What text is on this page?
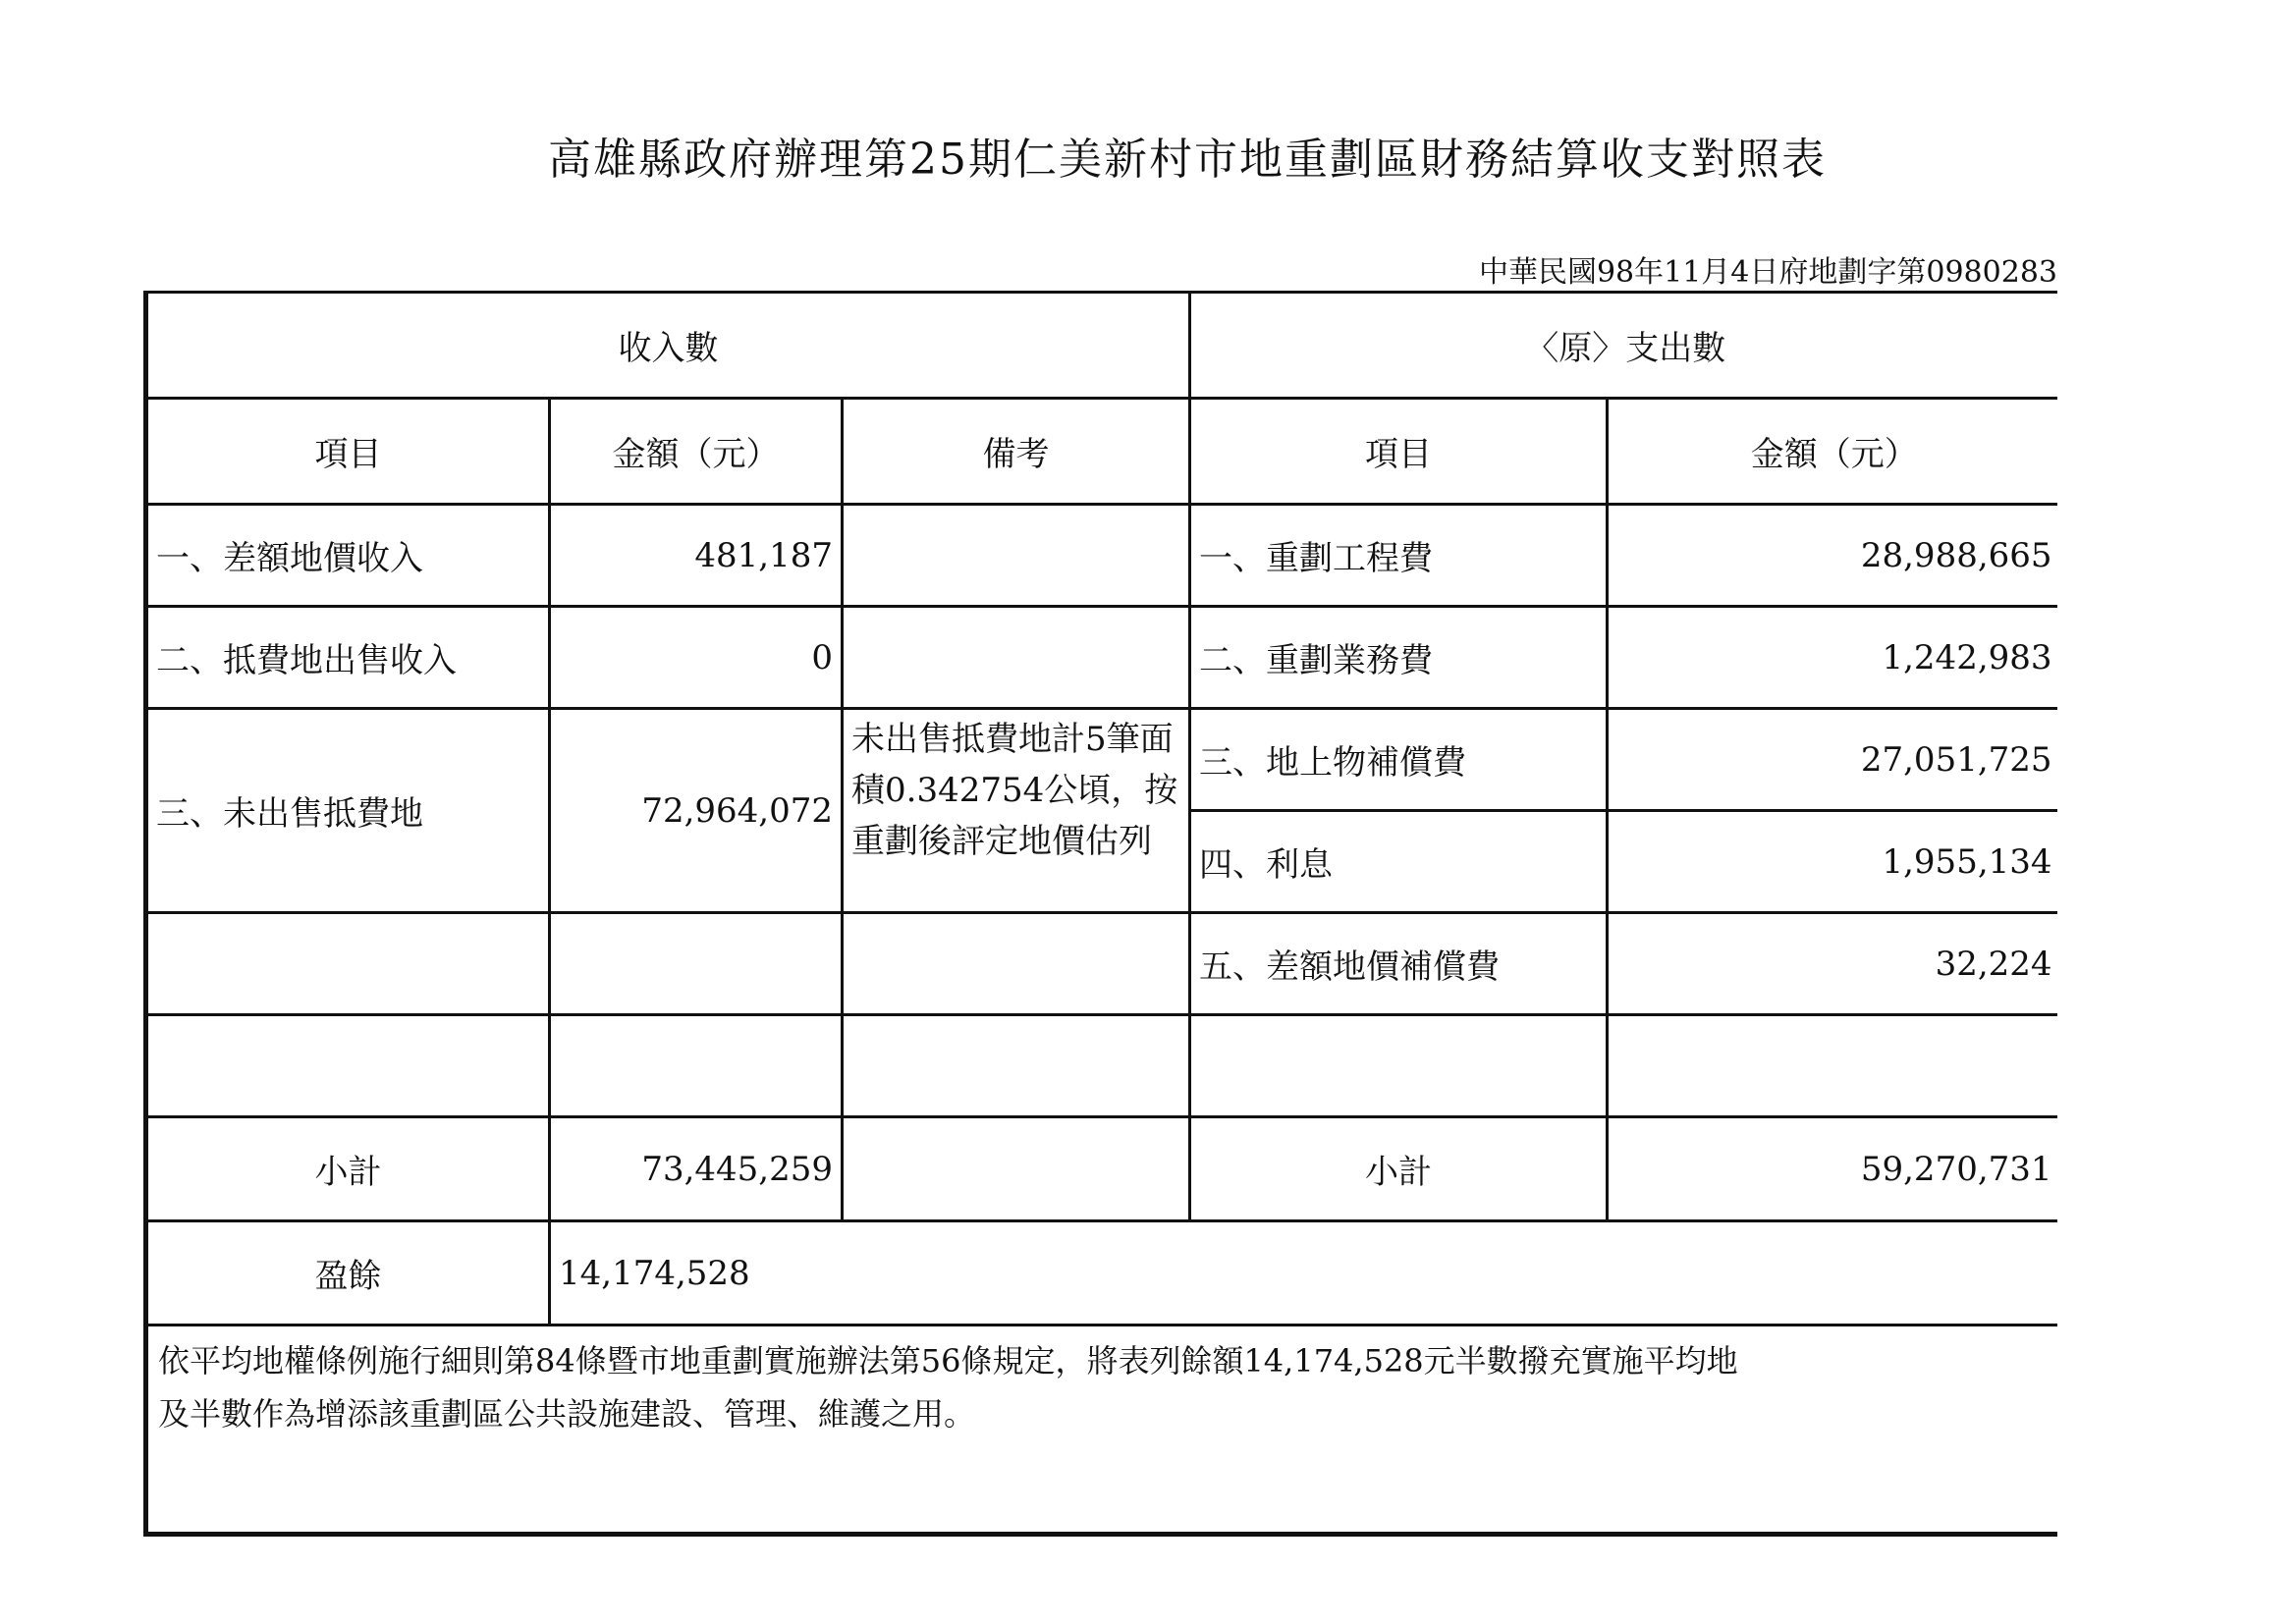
高雄縣政府辦理第25期仁美新村市地重劃區財務結算收支對照表
中華民國98年11月4日府地劃字第0980283
收入數			〈原〉支出數	
項目	金額（元）	備考	項目	金額（元）
一、差額地價收入	481,187		一、重劃工程費	28,988,665
二、抵費地出售收入	0		二、重劃業務費	1,242,983
三、未出售抵費地	72,964,072	未出售抵費地計5筆面積0.342754公頃，按重劃後評定地價估列	三、地上物補償費	27,051,725
			四、利息	1,955,134
			五、差額地價補償費	32,224

小計	73,445,259		小計	59,270,731
盈餘	14,174,528			

依平均地權條例施行細則第84條暨市地重劃實施辦法第56條規定，將表列餘額14,174,528元半數撥充實施平均地
及半數作為增添該重劃區公共設施建設、管理、維護之用。				
